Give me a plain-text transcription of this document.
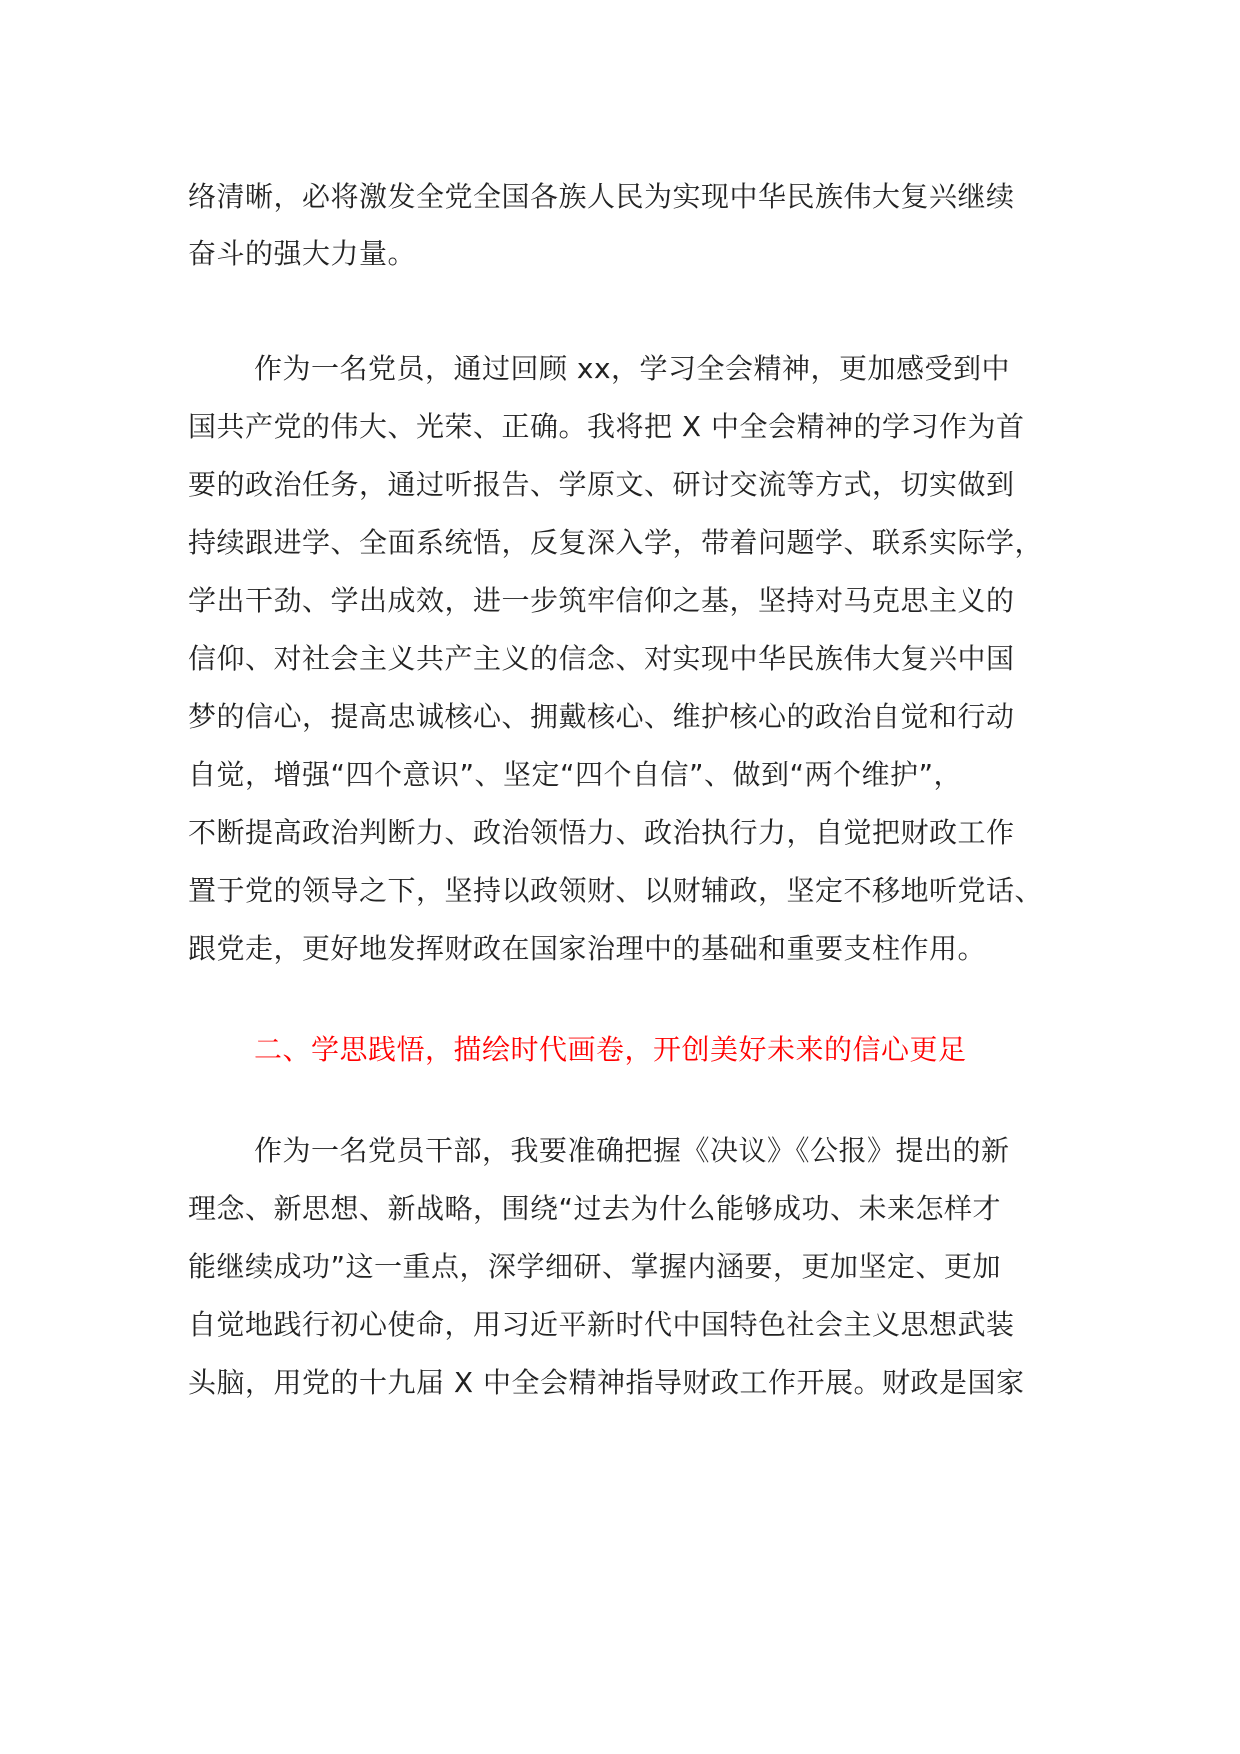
络清晰，必将激发全党全国各族人民为实现中华民族伟大复兴继续
奋斗的强大力量。
作为一名党员，通过回顾 xx，学习全会精神，更加感受到中
国共产党的伟大、光荣、正确。我将把 X 中全会精神的学习作为首
要的政治任务，通过听报告、学原文、研讨交流等方式，切实做到
持续跟进学、全面系统悟，反复深入学，带着问题学、联系实际学，
学出干劲、学出成效，进一步筑牢信仰之基，坚持对马克思主义的
信仰、对社会主义共产主义的信念、对实现中华民族伟大复兴中国
梦的信心，提高忠诚核心、拥戴核心、维护核心的政治自觉和行动
自觉，增强“四个意识”、坚定“四个自信”、做到“两个维护”，
不断提高政治判断力、政治领悟力、政治执行力，自觉把财政工作
置于党的领导之下，坚持以政领财、以财辅政，坚定不移地听党话、
跟党走，更好地发挥财政在国家治理中的基础和重要支柱作用。
二、学思践悟，描绘时代画卷，开创美好未来的信心更足
作为一名党员干部，我要准确把握《决议》《公报》提出的新
理念、新思想、新战略，围绕“过去为什么能够成功、未来怎样才
能继续成功”这一重点，深学细研、掌握内涵要，更加坚定、更加
自觉地践行初心使命，用习近平新时代中国特色社会主义思想武装
头脑，用党的十九届 X 中全会精神指导财政工作开展。财政是国家
